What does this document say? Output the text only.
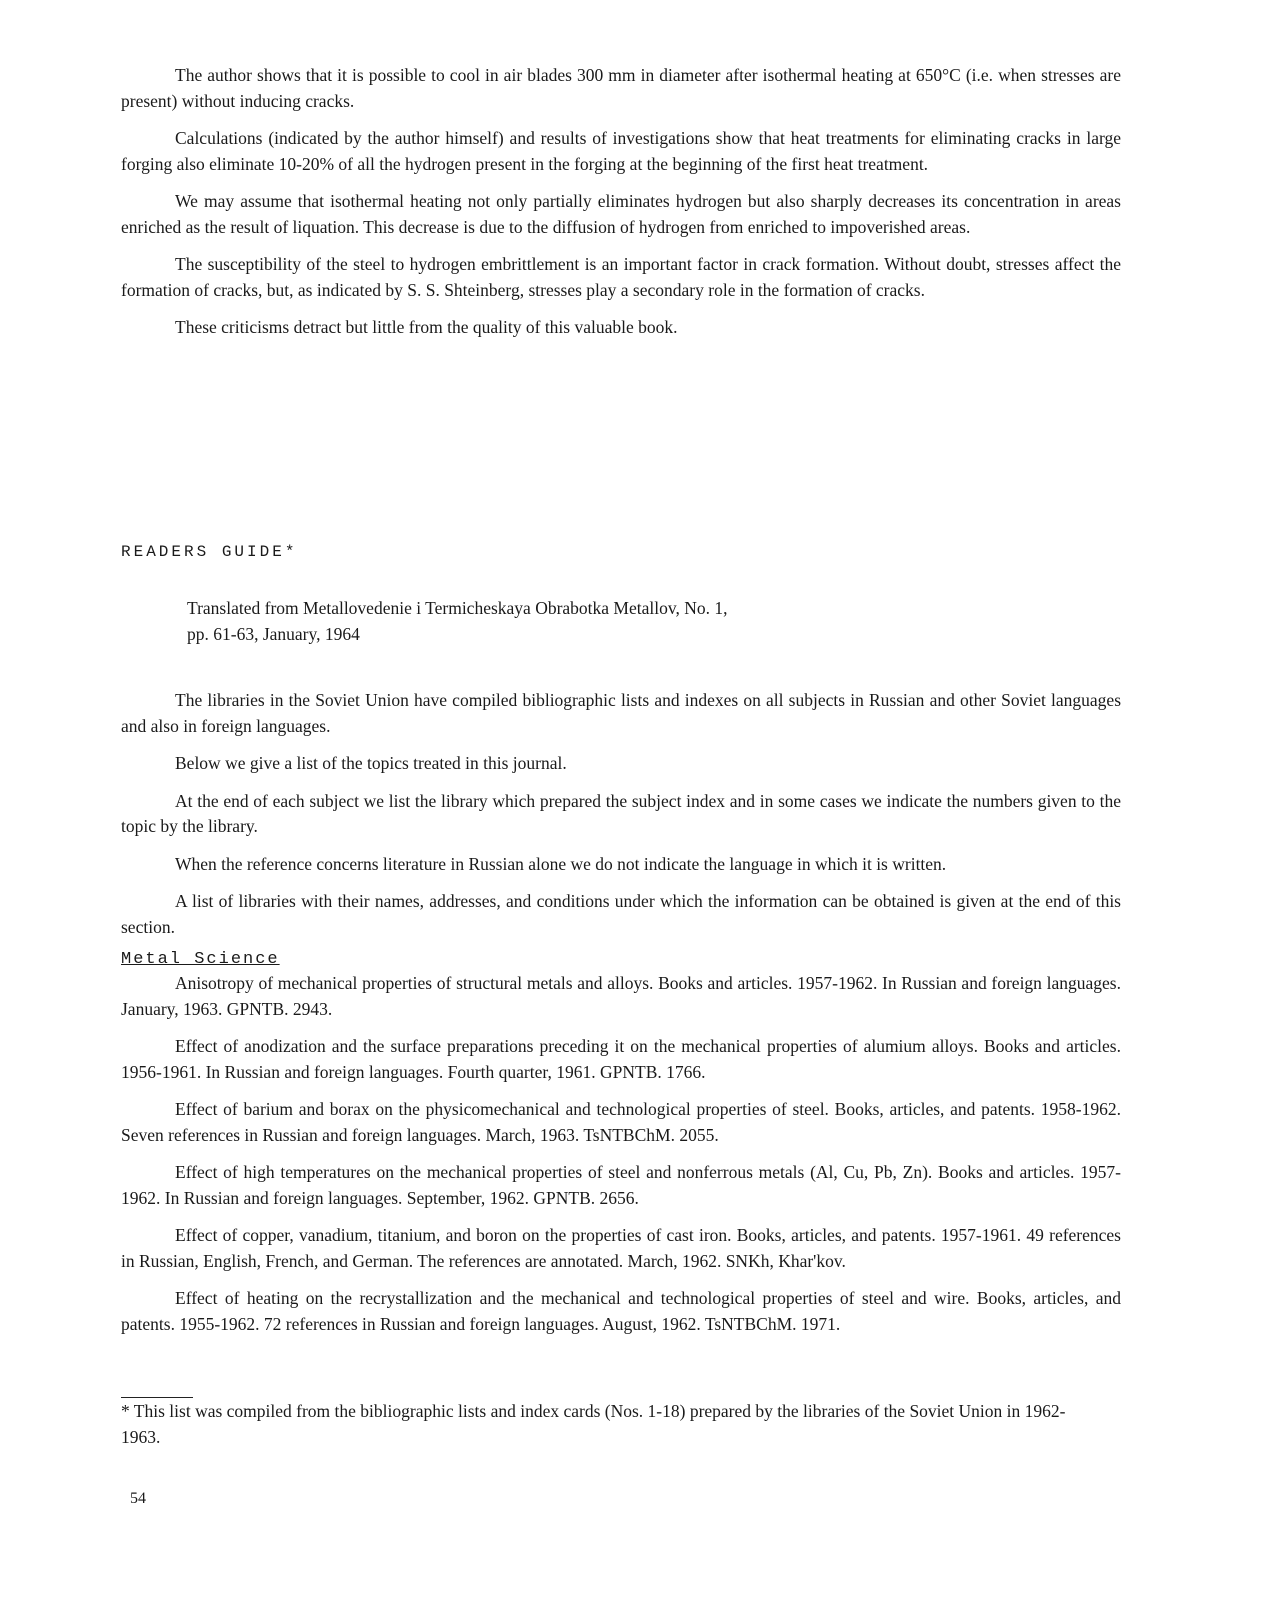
The author shows that it is possible to cool in air blades 300 mm in diameter after isothermal heating at 650°C (i.e. when stresses are present) without inducing cracks.

Calculations (indicated by the author himself) and results of investigations show that heat treatments for eliminating cracks in large forging also eliminate 10-20% of all the hydrogen present in the forging at the beginning of the first heat treatment.

We may assume that isothermal heating not only partially eliminates hydrogen but also sharply decreases its concentration in areas enriched as the result of liquation. This decrease is due to the diffusion of hydrogen from enriched to impoverished areas.

The susceptibility of the steel to hydrogen embrittlement is an important factor in crack formation. Without doubt, stresses affect the formation of cracks, but, as indicated by S. S. Shteinberg, stresses play a secondary role in the formation of cracks.

These criticisms detract but little from the quality of this valuable book.

READERS GUIDE*
Translated from Metallovedenie i Termicheskaya Obrabotka Metallov, No. 1,
pp. 61-63, January, 1964

The libraries in the Soviet Union have compiled bibliographic lists and indexes on all subjects in Russian and other Soviet languages and also in foreign languages.

Below we give a list of the topics treated in this journal.

At the end of each subject we list the library which prepared the subject index and in some cases we indicate the numbers given to the topic by the library.

When the reference concerns literature in Russian alone we do not indicate the language in which it is written.

A list of libraries with their names, addresses, and conditions under which the information can be obtained is given at the end of this section.

Metal Science

Anisotropy of mechanical properties of structural metals and alloys. Books and articles. 1957-1962. In Russian and foreign languages. January, 1963. GPNTB. 2943.

Effect of anodization and the surface preparations preceding it on the mechanical properties of alumium alloys. Books and articles. 1956-1961. In Russian and foreign languages. Fourth quarter, 1961. GPNTB. 1766.

Effect of barium and borax on the physicomechanical and technological properties of steel. Books, articles, and patents. 1958-1962. Seven references in Russian and foreign languages. March, 1963. TsNTBChM. 2055.

Effect of high temperatures on the mechanical properties of steel and nonferrous metals (Al, Cu, Pb, Zn). Books and articles. 1957-1962. In Russian and foreign languages. September, 1962. GPNTB. 2656.

Effect of copper, vanadium, titanium, and boron on the properties of cast iron. Books, articles, and patents. 1957-1961. 49 references in Russian, English, French, and German. The references are annotated. March, 1962. SNKh, Khar'kov.

Effect of heating on the recrystallization and the mechanical and technological properties of steel and wire. Books, articles, and patents. 1955-1962. 72 references in Russian and foreign languages. August, 1962. TsNTBChM. 1971.

* This list was compiled from the bibliographic lists and index cards (Nos. 1-18) prepared by the libraries of the Soviet Union in 1962-1963.

54
